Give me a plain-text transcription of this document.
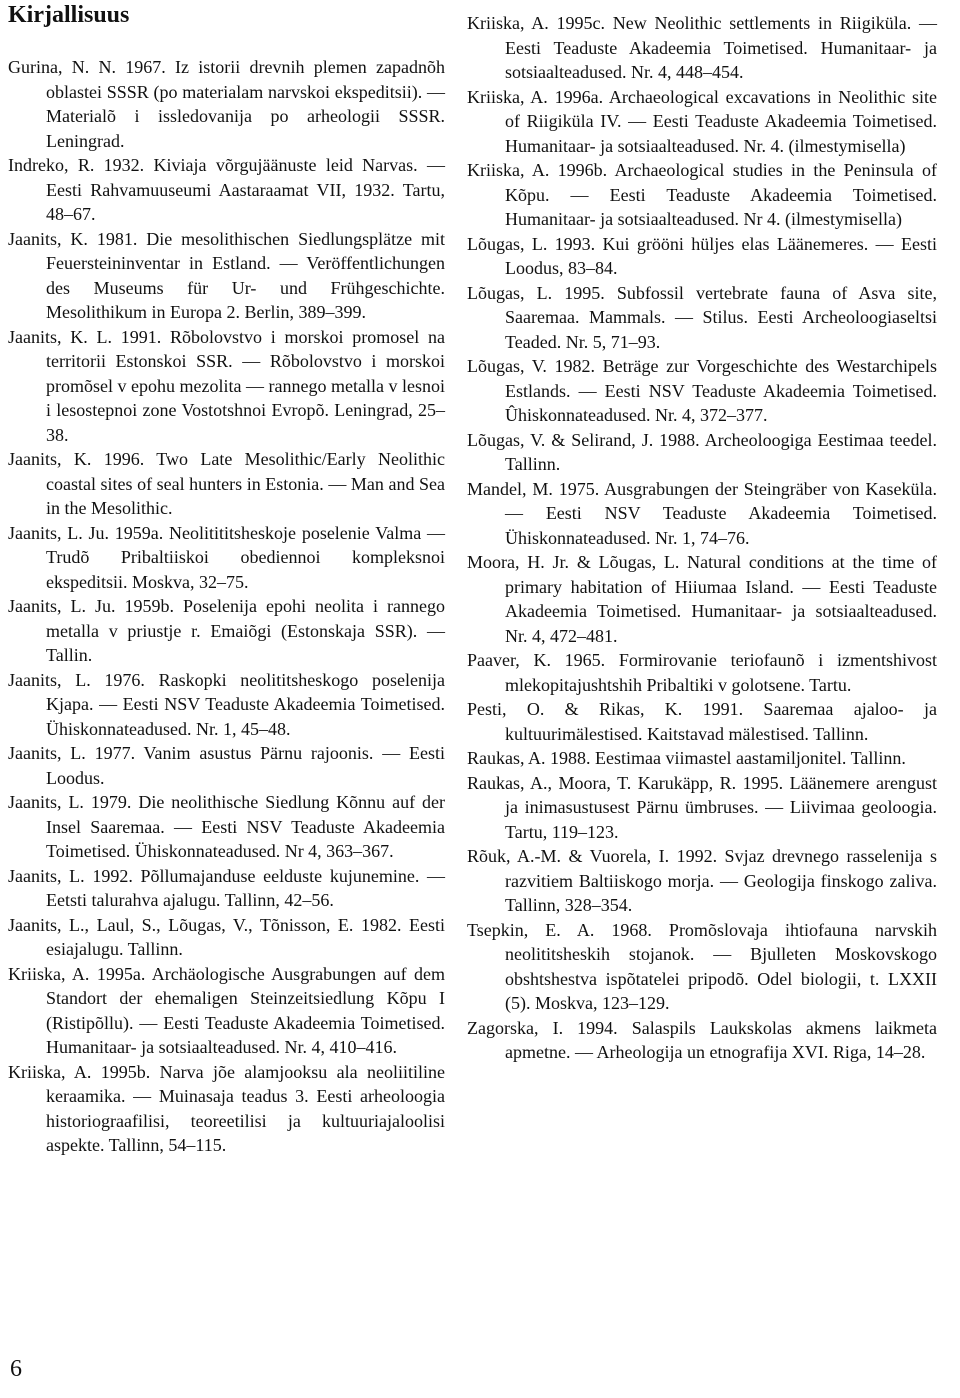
Kirjallisuus

Gurina, N. N. 1967. Iz istorii drevnih plemen zapadnõh oblastei SSSR (po materialam narvskoi ekspeditsii). — Materialõ i issledovanija po arheologii SSSR. Leningrad.

Indreko, R. 1932. Kiviaja võrgujäänuste leid Narvas. — Eesti Rahvamuuseumi Aastaraamat VII, 1932. Tartu, 48–67.

Jaanits, K. 1981. Die mesolithischen Siedlungsplätze mit Feuersteininventar in Estland. — Veröffentlichungen des Museums für Ur- und Frühgeschichte. Mesolithikum in Europa 2. Berlin, 389–399.

Jaanits, K. L. 1991. Rõbolovstvo i morskoi promosel na territorii Estonskoi SSR. — Rõbolovstvo i morskoi promõsel v epohu mezolita — rannego metalla v lesnoi i lesostepnoi zone Vostotshnoi Evropõ. Leningrad, 25–38.

Jaanits, K. 1996. Two Late Mesolithic/Early Neolithic coastal sites of seal hunters in Estonia. — Man and Sea in the Mesolithic.

Jaanits, L. Ju. 1959a. Neolitititsheskoje poselenie Valma — Trudõ Pribaltiiskoi obediennoi kompleksnoi ekspeditsii. Moskva, 32–75.

Jaanits, L. Ju. 1959b. Poselenija epohi neolita i rannego metalla v priustje r. Emaiõgi (Estonskaja SSR). — Tallin.

Jaanits, L. 1976. Raskopki neolititsheskogo poselenija Kjapa. — Eesti NSV Teaduste Akadeemia Toimetised. Ühiskonnateadused. Nr. 1, 45–48.

Jaanits, L. 1977. Vanim asustus Pärnu rajoonis. — Eesti Loodus.

Jaanits, L. 1979. Die neolithische Siedlung Kõnnu auf der Insel Saaremaa. — Eesti NSV Teaduste Akadeemia Toimetised. Ühiskonnateadused. Nr 4, 363–367.

Jaanits, L. 1992. Põllumajanduse eelduste kujunemine. — Eetsti talurahva ajalugu. Tallinn, 42–56.

Jaanits, L., Laul, S., Lõugas, V., Tõnisson, E. 1982. Eesti esiajalugu. Tallinn.

Kriiska, A. 1995a. Archäologische Ausgrabungen auf dem Standort der ehemaligen Steinzeitsiedlung Kõpu I (Ristipõllu). — Eesti Teaduste Akadeemia Toimetised. Humanitaar- ja sotsiaalteadused. Nr. 4, 410–416.

Kriiska, A. 1995b. Narva jõe alamjooksu ala neoliitiline keraamika. — Muinasaja teadus 3. Eesti arheoloogia historiograafilisi, teoreetilisi ja kultuuriajaloolisi aspekte. Tallinn, 54–115.

Kriiska, A. 1995c. New Neolithic settlements in Riigiküla. — Eesti Teaduste Akadeemia Toimetised. Humanitaar- ja sotsiaalteadused. Nr. 4, 448–454.

Kriiska, A. 1996a. Archaeological excavations in Neolithic site of Riigiküla IV. — Eesti Teaduste Akadeemia Toimetised. Humanitaar- ja sotsiaalteadused. Nr. 4. (ilmestymisella)

Kriiska, A. 1996b. Archaeological studies in the Peninsula of Kõpu. — Eesti Teaduste Akadeemia Toimetised. Humanitaar- ja sotsiaalteadused. Nr 4. (ilmestymisella)

Lõugas, L. 1993. Kui grööni hüljes elas Läänemeres. — Eesti Loodus, 83–84.

Lõugas, L. 1995. Subfossil vertebrate fauna of Asva site, Saaremaa. Mammals. — Stilus. Eesti Archeoloogiaseltsi Teaded. Nr. 5, 71–93.

Lõugas, V. 1982. Beträge zur Vorgeschichte des Westarchipels Estlands. — Eesti NSV Teaduste Akadeemia Toimetised. Ûhiskonnateadused. Nr. 4, 372–377.

Lõugas, V. & Selirand, J. 1988. Archeoloogiga Eestimaa teedel. Tallinn.

Mandel, M. 1975. Ausgrabungen der Steingräber von Kaseküla. — Eesti NSV Teaduste Akadeemia Toimetised. Ühiskonnateadused. Nr. 1, 74–76.

Moora, H. Jr. & Lõugas, L. Natural conditions at the time of primary habitation of Hiiumaa Island. — Eesti Teaduste Akadeemia Toimetised. Humanitaar- ja sotsiaalteadused. Nr. 4, 472–481.

Paaver, K. 1965. Formirovanie teriofaunõ i izmentshivost mlekopitajushtshih Pribaltiki v golotsene. Tartu.

Pesti, O. & Rikas, K. 1991. Saaremaa ajaloo- ja kultuurimälestised. Kaitstavad mälestised. Tallinn.

Raukas, A. 1988. Eestimaa viimastel aastamiljonitel. Tallinn.

Raukas, A., Moora, T. Karukäpp, R. 1995. Läänemere arengust ja inimasustusest Pärnu ümbruses. — Liivimaa geoloogia. Tartu, 119–123.

Rõuk, A.-M. & Vuorela, I. 1992. Svjaz drevnego rasselenija s razvitiem Baltiiskogo morja. — Geologija finskogo zaliva. Tallinn, 328–354.

Tsepkin, E. A. 1968. Promõslovaja ihtiofauna narvskih neolititsheskih stojanok. — Bjulleten Moskovskogo obshtshestva ispõtatelei pripodõ. Odel biologii, t. LXXII (5). Moskva, 123–129.

Zagorska, I. 1994. Salaspils Laukskolas akmens laikmeta apmetne. — Arheologija un etnografija XVI. Riga, 14–28.

6
